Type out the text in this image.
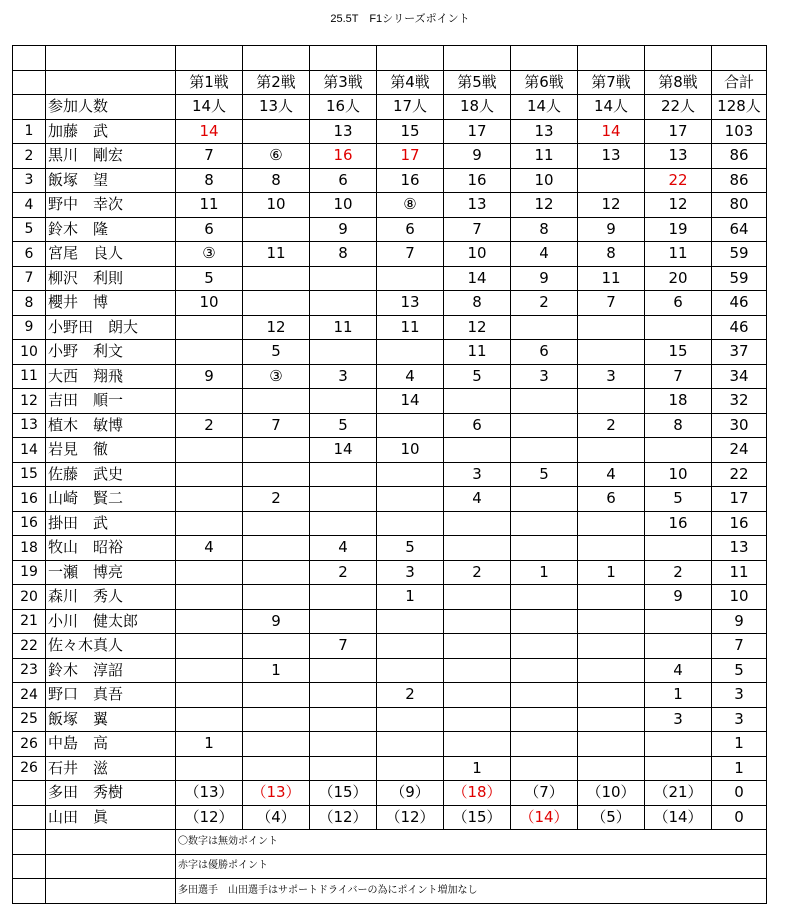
25.5T　F1シリーズポイント

		第1戦	第2戦	第3戦	第4戦	第5戦	第6戦	第7戦	第8戦	合計
	参加人数	14人	13人	16人	17人	18人	14人	14人	22人	128人
1	加藤　武	14		13	15	17	13	14	17	103
2	黒川　剛宏	7	⑥	16	17	9	11	13	13	86
3	飯塚　望	8	8	6	16	16	10		22	86
4	野中　幸次	11	10	10	⑧	13	12	12	12	80
5	鈴木　隆	6		9	6	7	8	9	19	64
6	宮尾　良人	③	11	8	7	10	4	8	11	59
7	柳沢　利則	5				14	9	11	20	59
8	櫻井　博	10			13	8	2	7	6	46
9	小野田　朗大		12	11	11	12				46
10	小野　利文		5			11	6		15	37
11	大西　翔飛	9	③	3	4	5	3	3	7	34
12	吉田　順一				14				18	32
13	植木　敏博	2	7	5		6		2	8	30
14	岩見　徹			14	10					24
15	佐藤　武史					3	5	4	10	22
16	山崎　賢二		2			4		6	5	17
16	掛田　武								16	16
18	牧山　昭裕	4		4	5					13
19	一瀬　博亮			2	3	2	1	1	2	11
20	森川　秀人				1				9	10
21	小川　健太郎		9							9
22	佐々木真人			7						7
23	鈴木　淳詔		1						4	5
24	野口　真吾				2				1	3
25	飯塚　翼								3	3
26	中島　高	1								1
26	石井　滋					1				1
	多田　秀樹	（13）	（13）	（15）	（9）	（18）	（7）	（10）	（21）	0
	山田　眞	（12）	（4）	（12）	（12）	（15）	（14）	（5）	（14）	0
		〇数字は無効ポイント								
		赤字は優勝ポイント								
		多田選手　山田選手はサポートドライバーの為にポイント増加なし								
